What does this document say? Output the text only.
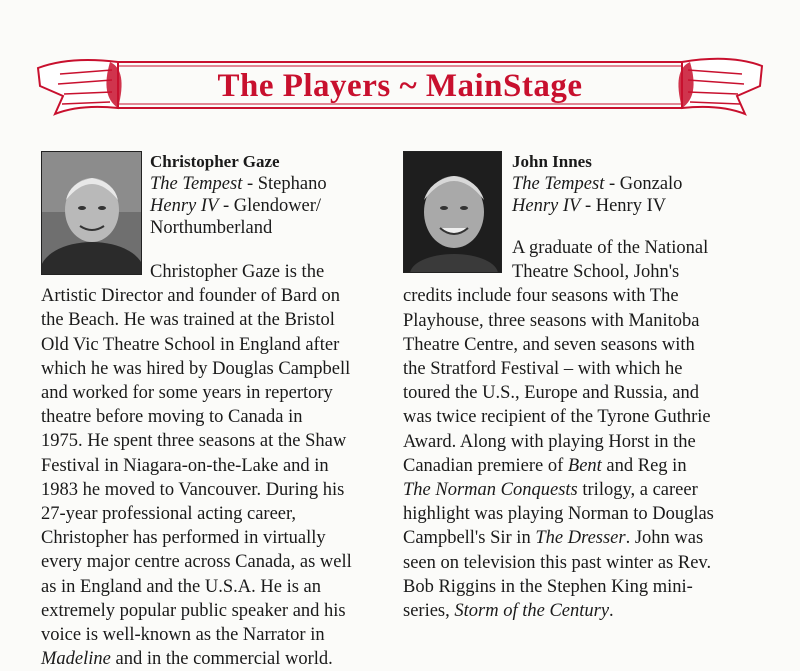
The Players ~ MainStage
Christopher Gaze
The Tempest - Stephano
Henry IV - Glendower/
Northumberland
Christopher Gaze is the
Artistic Director and founder of Bard on
the Beach. He was trained at the Bristol
Old Vic Theatre School in England after
which he was hired by Douglas Campbell
and worked for some years in repertory
theatre before moving to Canada in
1975. He spent three seasons at the Shaw
Festival in Niagara-on-the-Lake and in
1983 he moved to Vancouver. During his
27-year professional acting career,
Christopher has performed in virtually
every major centre across Canada, as well
as in England and the U.S.A. He is an
extremely popular public speaker and his
voice is well-known as the Narrator in
Madeline and in the commercial world.
John Innes
The Tempest - Gonzalo
Henry IV - Henry IV
A graduate of the National
Theatre School, John's
credits include four seasons with The
Playhouse, three seasons with Manitoba
Theatre Centre, and seven seasons with
the Stratford Festival – with which he
toured the U.S., Europe and Russia, and
was twice recipient of the Tyrone Guthrie
Award. Along with playing Horst in the
Canadian premiere of Bent and Reg in
The Norman Conquests trilogy, a career
highlight was playing Norman to Douglas
Campbell's Sir in The Dresser. John was
seen on television this past winter as Rev.
Bob Riggins in the Stephen King mini-
series, Storm of the Century.
